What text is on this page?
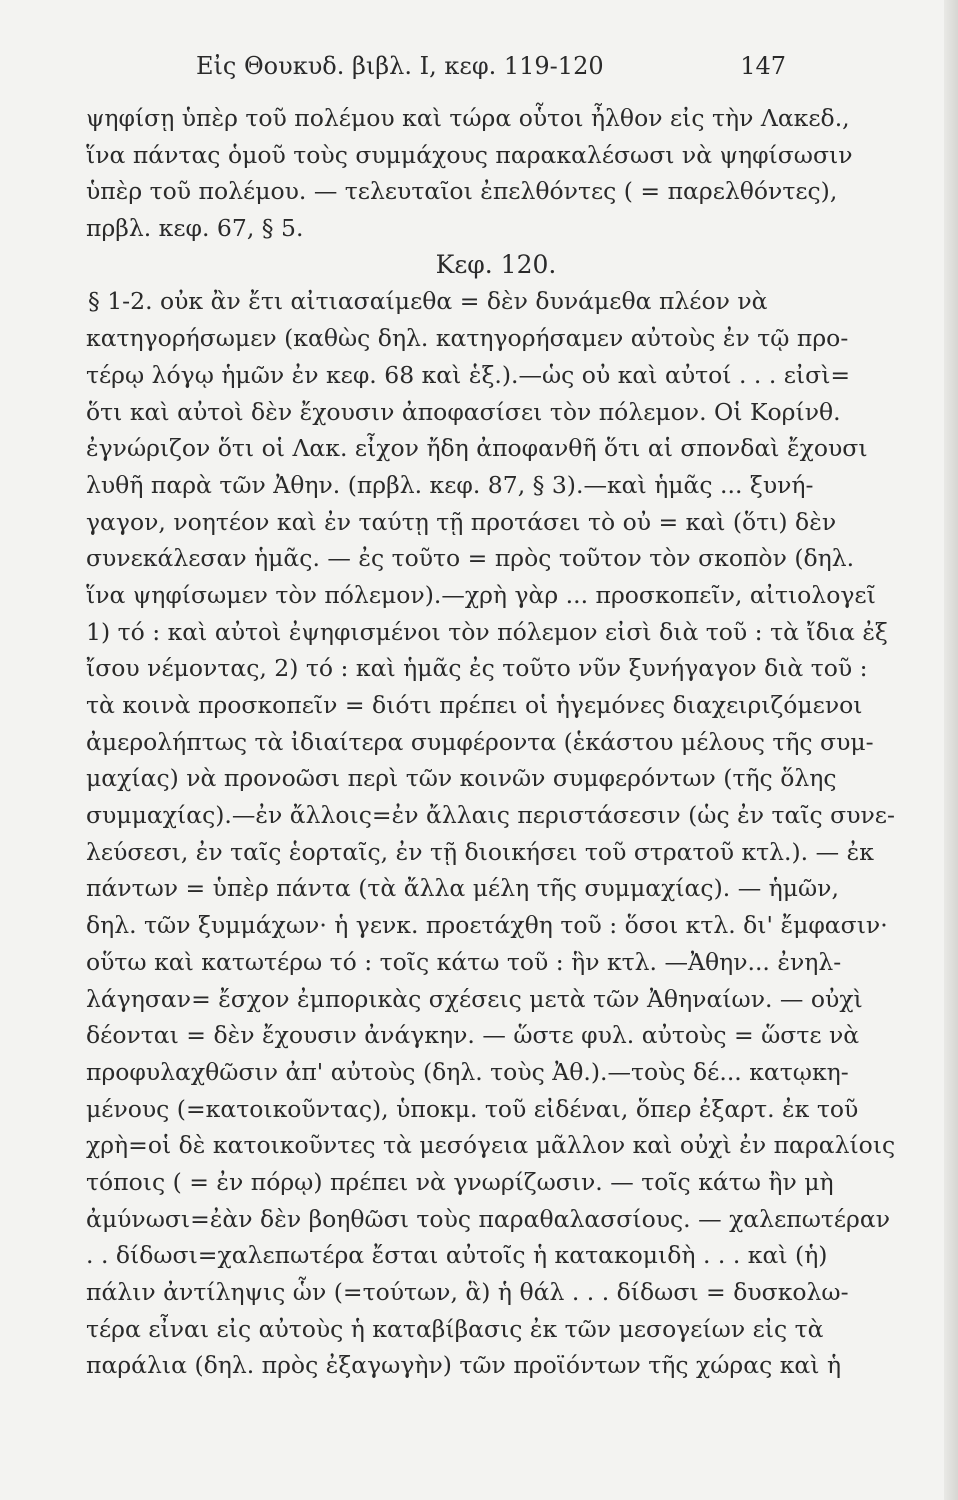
Εἰς Θουκυδ. βιβλ. Ι, κεφ. 119-120	147
ψηφίσῃ ὑπὲρ τοῦ πολέμου καὶ τώρα οὗτοι ἦλθον εἰς τὴν Λακεδ.,
ἵνα πάντας ὁμοῦ τοὺς συμμάχους παρακαλέσωσι νὰ ψηφίσωσιν
ὑπὲρ τοῦ πολέμου. — τελευταῖοι ἐπελθόντες ( = παρελθόντες),
πρβλ. κεφ. 67, § 5.
Κεφ. 120.
§ 1-2. οὐκ ἂν ἔτι αἰτιασαίμεθα = δὲν δυνάμεθα πλέον νὰ
κατηγορήσωμεν (καθὼς δηλ. κατηγορήσαμεν αὐτοὺς ἐν τῷ προ-
τέρῳ λόγῳ ἡμῶν ἐν κεφ. 68 καὶ ἑξ.).—ὡς οὐ καὶ αὐτοί . . . εἰσὶ=
ὅτι καὶ αὐτοὶ δὲν ἔχουσιν ἀποφασίσει τὸν πόλεμον. Οἱ Κορίνθ.
ἐγνώριζον ὅτι οἱ Λακ. εἶχον ἤδη ἀποφανθῆ ὅτι αἱ σπονδαὶ ἔχουσι
λυθῆ παρὰ τῶν Ἀθην. (πρβλ. κεφ. 87, § 3).—καὶ ἡμᾶς ... ξυνή-
γαγον, νοητέον καὶ ἐν ταύτῃ τῇ προτάσει τὸ οὐ = καὶ (ὅτι) δὲν
συνεκάλεσαν ἡμᾶς. — ἐς τοῦτο = πρὸς τοῦτον τὸν σκοπὸν (δηλ.
ἵνα ψηφίσωμεν τὸν πόλεμον).—χρὴ γὰρ ... προσκοπεῖν, αἰτιολογεῖ
1) τό : καὶ αὐτοὶ ἐψηφισμένοι τὸν πόλεμον εἰσὶ διὰ τοῦ : τὰ ἴδια ἐξ
ἴσου νέμοντας, 2) τό : καὶ ἡμᾶς ἐς τοῦτο νῦν ξυνήγαγον διὰ τοῦ :
τὰ κοινὰ προσκοπεῖν = διότι πρέπει οἱ ἡγεμόνες διαχειριζόμενοι
ἀμερολήπτως τὰ ἰδιαίτερα συμφέροντα (ἑκάστου μέλους τῆς συμ-
μαχίας) νὰ προνοῶσι περὶ τῶν κοινῶν συμφερόντων (τῆς ὅλης
συμμαχίας).—ἐν ἄλλοις=ἐν ἄλλαις περιστάσεσιν (ὡς ἐν ταῖς συνε-
λεύσεσι, ἐν ταῖς ἑορταῖς, ἐν τῇ διοικήσει τοῦ στρατοῦ κτλ.). — ἐκ
πάντων = ὑπὲρ πάντα (τὰ ἄλλα μέλη τῆς συμμαχίας). — ἡμῶν,
δηλ. τῶν ξυμμάχων· ἡ γενκ. προετάχθη τοῦ : ὅσοι κτλ. δι' ἔμφασιν·
οὕτω καὶ κατωτέρω τό : τοῖς κάτω τοῦ : ἣν κτλ. —Ἀθην... ἐνηλ-
λάγησαν= ἔσχον ἐμπορικὰς σχέσεις μετὰ τῶν Ἀθηναίων. — οὐχὶ
δέονται = δὲν ἔχουσιν ἀνάγκην. — ὥστε φυλ. αὐτοὺς = ὥστε νὰ
προφυλαχθῶσιν ἀπ' αὐτοὺς (δηλ. τοὺς Ἀθ.).—τοὺς δέ... κατῳκη-
μένους (=κατοικοῦντας), ὑποκμ. τοῦ εἰδέναι, ὅπερ ἐξαρτ. ἐκ τοῦ
χρὴ=οἱ δὲ κατοικοῦντες τὰ μεσόγεια μᾶλλον καὶ οὐχὶ ἐν παραλίοις
τόποις ( = ἐν πόρῳ) πρέπει νὰ γνωρίζωσιν. — τοῖς κάτω ἢν μὴ
ἀμύνωσι=ἐὰν δὲν βοηθῶσι τοὺς παραθαλασσίους. — χαλεπωτέραν
. . δίδωσι=χαλεπωτέρα ἔσται αὐτοῖς ἡ κατακομιδὴ . . . καὶ (ἡ)
πάλιν ἀντίληψις ὧν (=τούτων, ἃ) ἡ θάλ . . . δίδωσι = δυσκολω-
τέρα εἶναι εἰς αὐτοὺς ἡ καταβίβασις ἐκ τῶν μεσογείων εἰς τὰ
παράλια (δηλ. πρὸς ἐξαγωγὴν) τῶν προϊόντων τῆς χώρας καὶ ἡ
